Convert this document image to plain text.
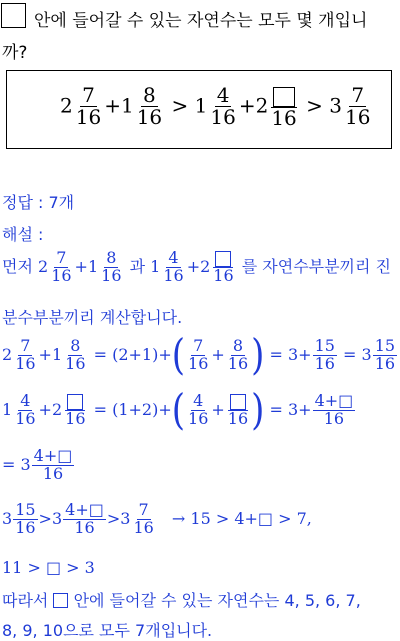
안에 들어갈 수 있는 자연수는 모두 몇 개입니
까?
$2 \frac{7}{16} +1 \frac{8}{16} > 1 \frac{4}{16} +2$
16
> $3 \frac{7}{16}$
정답 : 7개
해설 :
먼저 $2 \frac{7}{16} +1 \frac{8}{16}$ 과 $1 \frac{4}{16} +2$ 16 를 자연수부분끼리 진
분수부분끼리 계산합니다.
$2 \frac{7}{16} +1 \frac{8}{16} = (2+1)+( \frac{7}{16} + \frac{8}{16}$ ) = $3+ \frac{15}{16} = 3 \frac{15}{16}$
$1 \frac{4}{16} +2$ $16 = (1+2)+( \frac{4}{16} + 16$ ) = $3+ \frac{4+□}{16}$
= $3 \frac{4+□}{16}$
$3 \frac{15}{16} >3 \frac{4+□}{16} >3 \frac{7}{16} \to 15$ > 4+□ > 7,
11 > □ > 3
따라서 안에 들어갈 수 있는 자연수는 4, 5, 6, 7,
8, 9, 10으로 모두 7개입니다.
